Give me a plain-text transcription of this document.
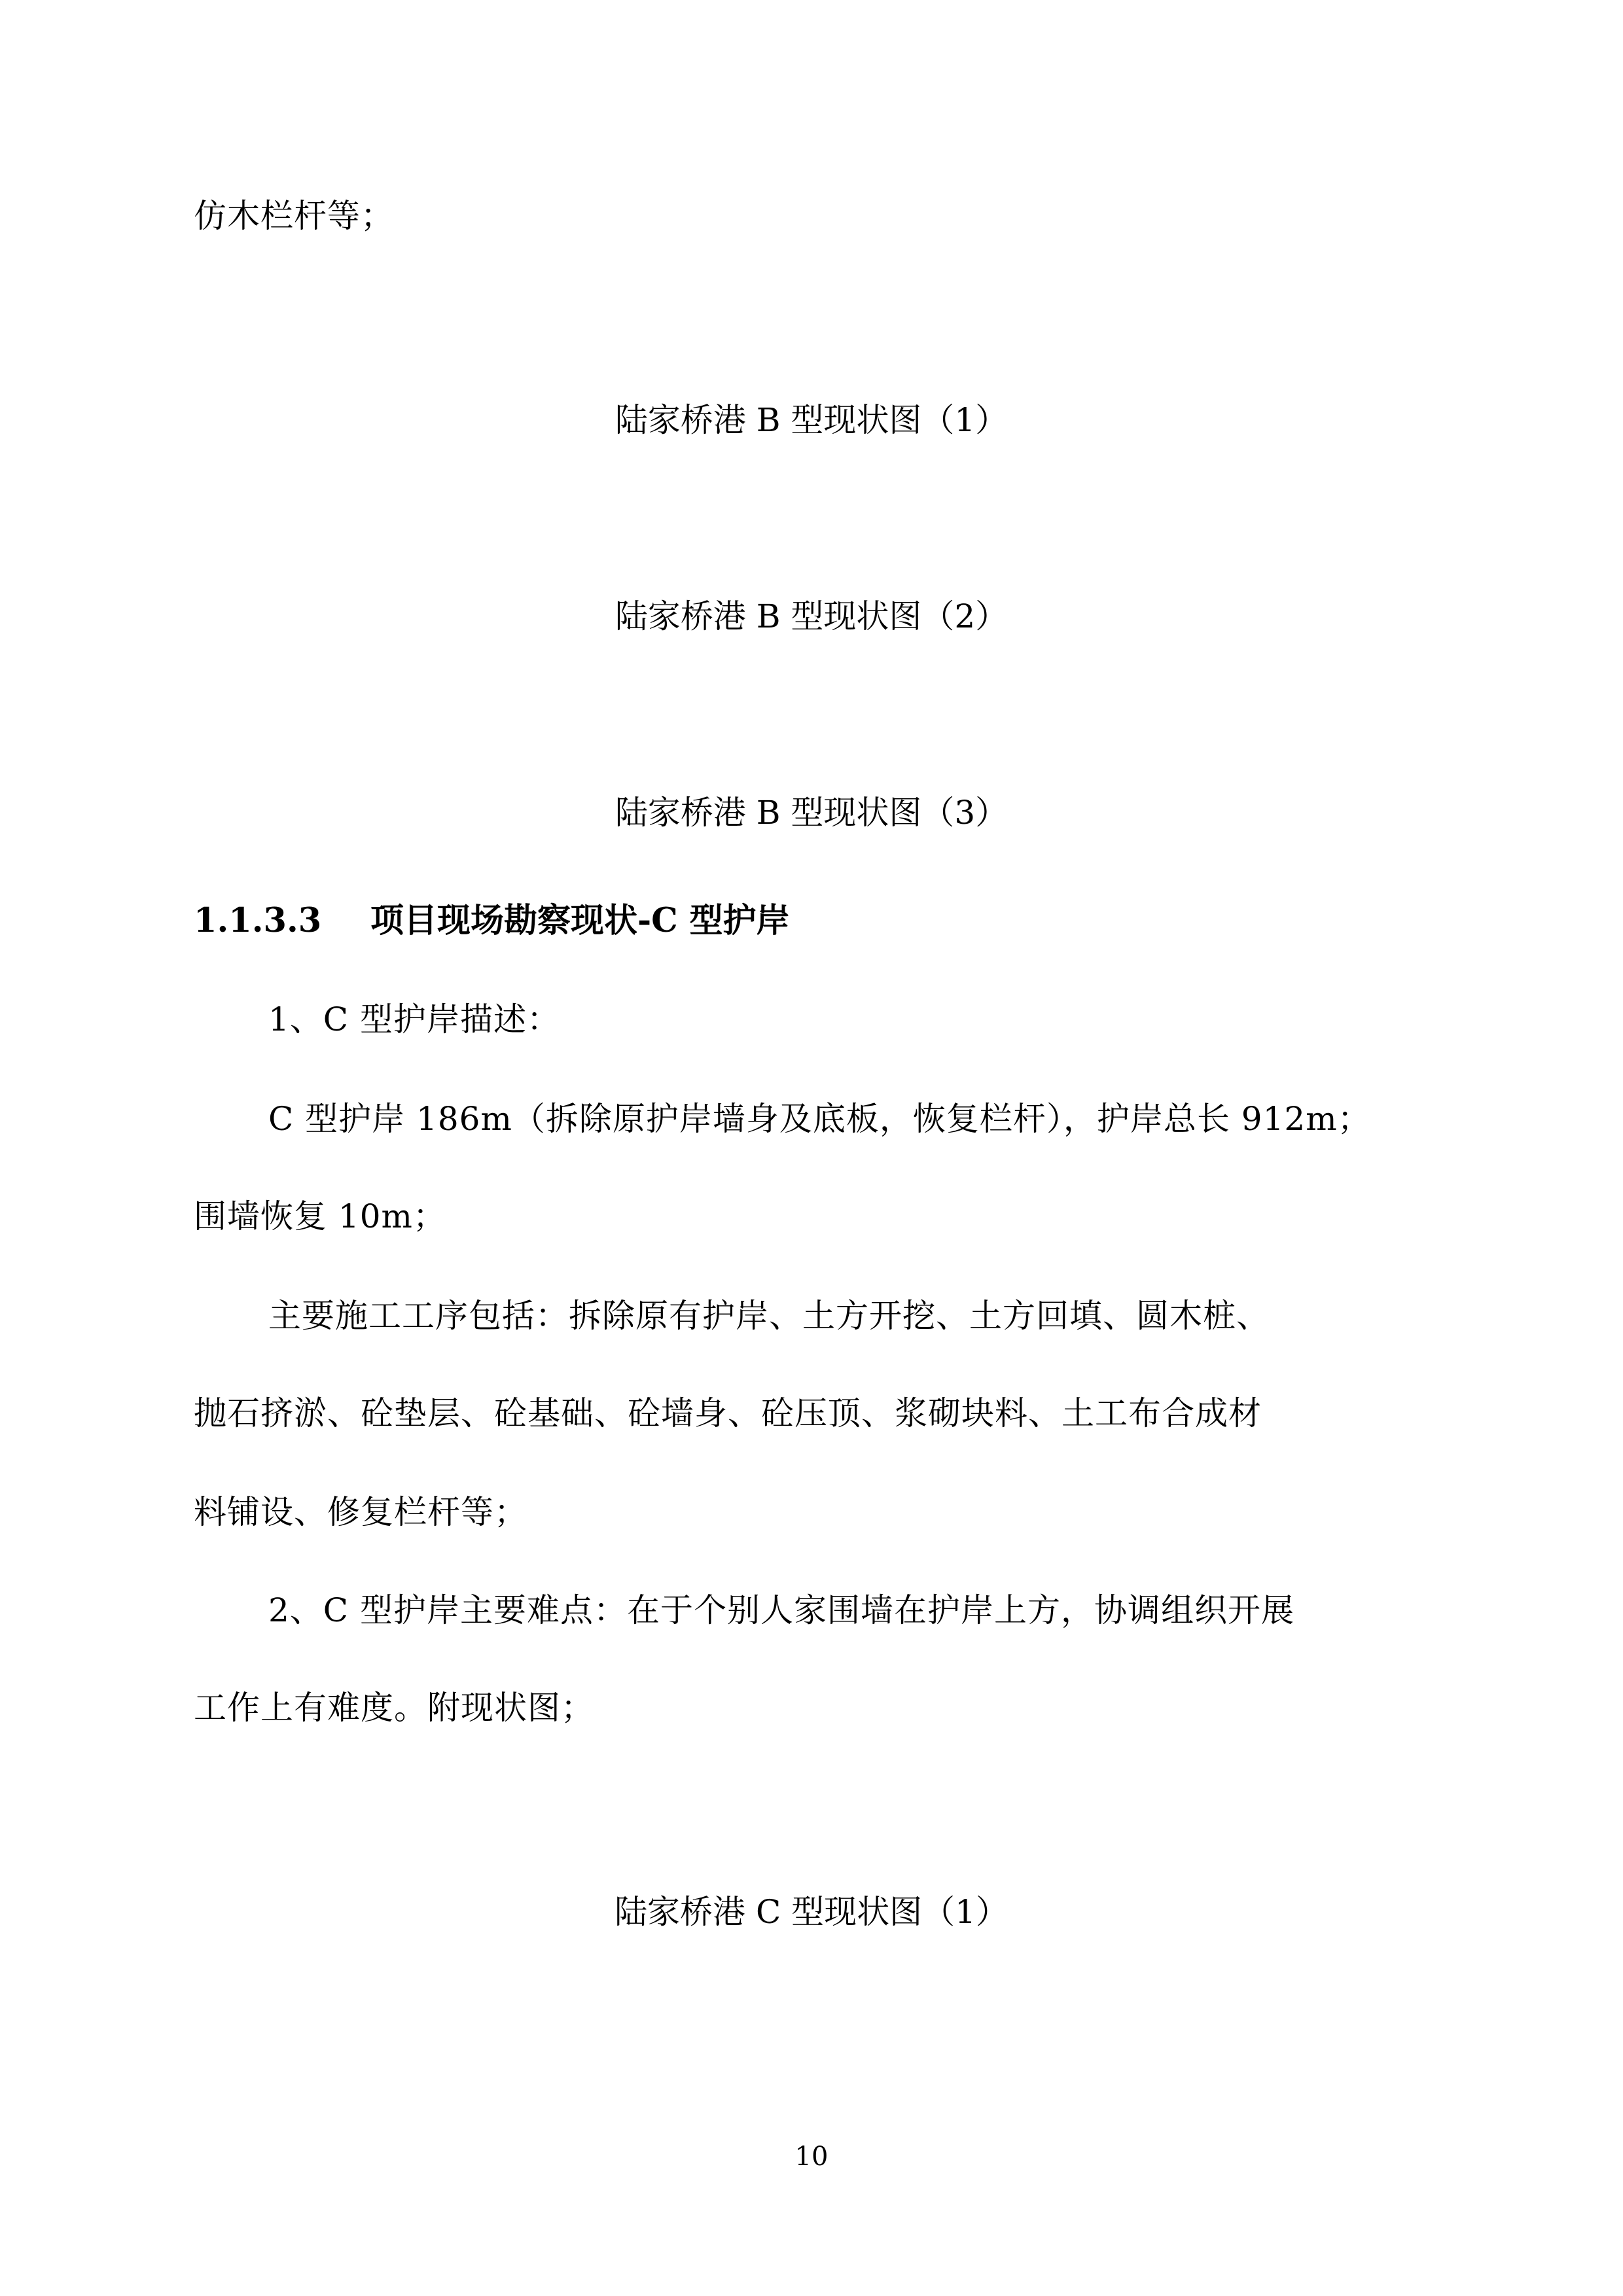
仿木栏杆等；
陆家桥港 B 型现状图（1）
陆家桥港 B 型现状图（2）
陆家桥港 B 型现状图（3）
1.1.3.3 项目现场勘察现状-C 型护岸
1、C 型护岸描述：
C 型护岸 186m（拆除原护岸墙身及底板，恢复栏杆），护岸总长 912m；
围墙恢复 10m；
主要施工工序包括：拆除原有护岸、土方开挖、土方回填、圆木桩、
抛石挤淤、砼垫层、砼基础、砼墙身、砼压顶、浆砌块料、土工布合成材
料铺设、修复栏杆等；
2、C 型护岸主要难点：在于个别人家围墙在护岸上方，协调组织开展
工作上有难度。附现状图；
陆家桥港 C 型现状图（1）
10
